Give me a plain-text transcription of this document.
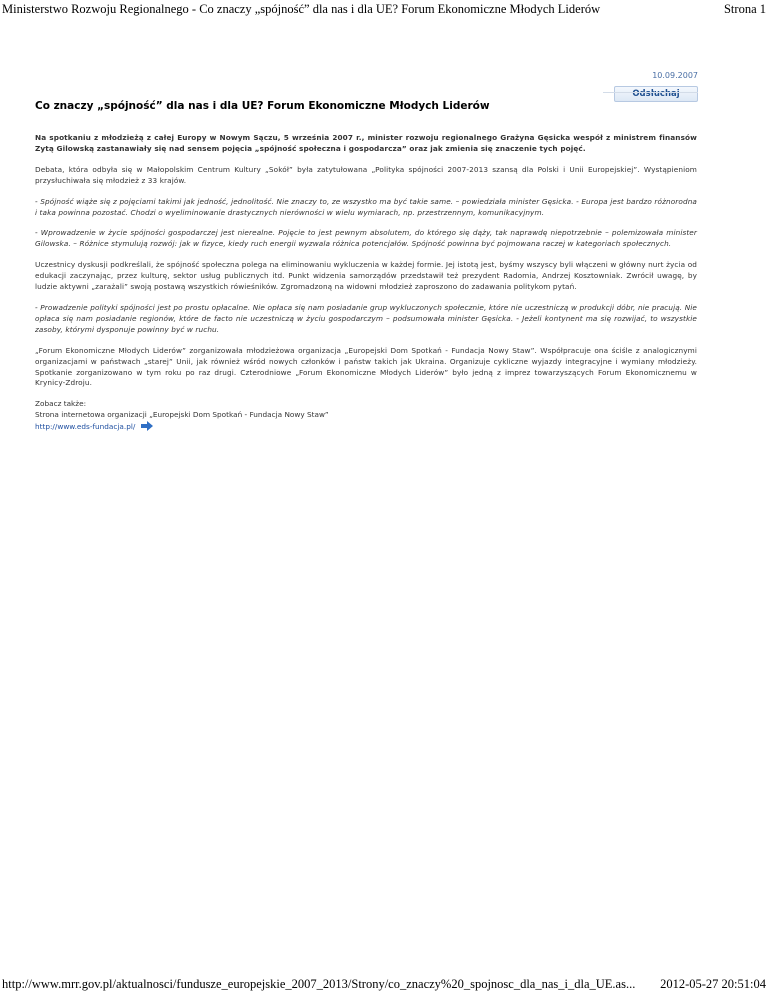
Ministerstwo Rozwoju Regionalnego - Co znaczy „spójność” dla nas i dla UE? Forum Ekonomiczne Młodych Liderów	Strona 1
10.09.2007
Odsłuchaj
Co znaczy „spójność” dla nas i dla UE? Forum Ekonomiczne Młodych Liderów

Na spotkaniu z młodzieżą z całej Europy w Nowym Sączu, 5 września 2007 r., minister rozwoju regionalnego Grażyna Gęsicka wespół z ministrem finansów Zytą Gilowską zastanawiały się nad sensem pojęcia „spójność społeczna i gospodarcza” oraz jak zmienia się znaczenie tych pojęć.

Debata, która odbyła się w Małopolskim Centrum Kultury „Sokół” była zatytułowana „Polityka spójności 2007-2013 szansą dla Polski i Unii Europejskiej”. Wystąpieniom przysłuchiwała się młodzież z 33 krajów.

- Spójność wiąże się z pojęciami takimi jak jedność, jednolitość. Nie znaczy to, ze wszystko ma być takie same. – powiedziała minister Gęsicka. - Europa jest bardzo różnorodna i taka powinna pozostać. Chodzi o wyeliminowanie drastycznych nierówności w wielu wymiarach, np. przestrzennym, komunikacyjnym.

- Wprowadzenie w życie spójności gospodarczej jest nierealne. Pojęcie to jest pewnym absolutem, do którego się dąży, tak naprawdę niepotrzebnie – polemizowała minister Gilowska. – Różnice stymulują rozwój: jak w fizyce, kiedy ruch energii wyzwala różnica potencjałów. Spójność powinna być pojmowana raczej w kategoriach społecznych.

Uczestnicy dyskusji podkreślali, że spójność społeczna polega na eliminowaniu wykluczenia w każdej formie. Jej istotą jest, byśmy wszyscy byli włączeni w główny nurt życia od edukacji zaczynając, przez kulturę, sektor usług publicznych itd. Punkt widzenia samorządów przedstawił też prezydent Radomia, Andrzej Kosztowniak. Zwrócił uwagę, by ludzie aktywni „zarażali” swoją postawą wszystkich rówieśników. Zgromadzoną na widowni młodzież zaproszono do zadawania politykom pytań.

- Prowadzenie polityki spójności jest po prostu opłacalne. Nie opłaca się nam posiadanie grup wykluczonych społecznie, które nie uczestniczą w produkcji dóbr, nie pracują. Nie opłaca się nam posiadanie regionów, które de facto nie uczestniczą w życiu gospodarczym – podsumowała minister Gęsicka. - Jeżeli kontynent ma się rozwijać, to wszystkie zasoby, którymi dysponuje powinny być w ruchu.

„Forum Ekonomiczne Młodych Liderów” zorganizowała młodzieżowa organizacja „Europejski Dom Spotkań - Fundacja Nowy Staw”. Współpracuje ona ściśle z analogicznymi organizacjami w państwach „starej” Unii, jak również wśród nowych członków i państw takich jak Ukraina. Organizuje cykliczne wyjazdy integracyjne i wymiany młodzieży. Spotkanie zorganizowano w tym roku po raz drugi. Czterodniowe „Forum Ekonomiczne Młodych Liderów” było jedną z imprez towarzyszących Forum Ekonomicznemu w Krynicy-Zdroju.

Zobacz także:
Strona internetowa organizacji „Europejski Dom Spotkań - Fundacja Nowy Staw”
http://www.eds-fundacja.pl/
http://www.mrr.gov.pl/aktualnosci/fundusze_europejskie_2007_2013/Strony/co_znaczy%20_spojnosc_dla_nas_i_dla_UE.as... 2012-05-27 20:51:04
